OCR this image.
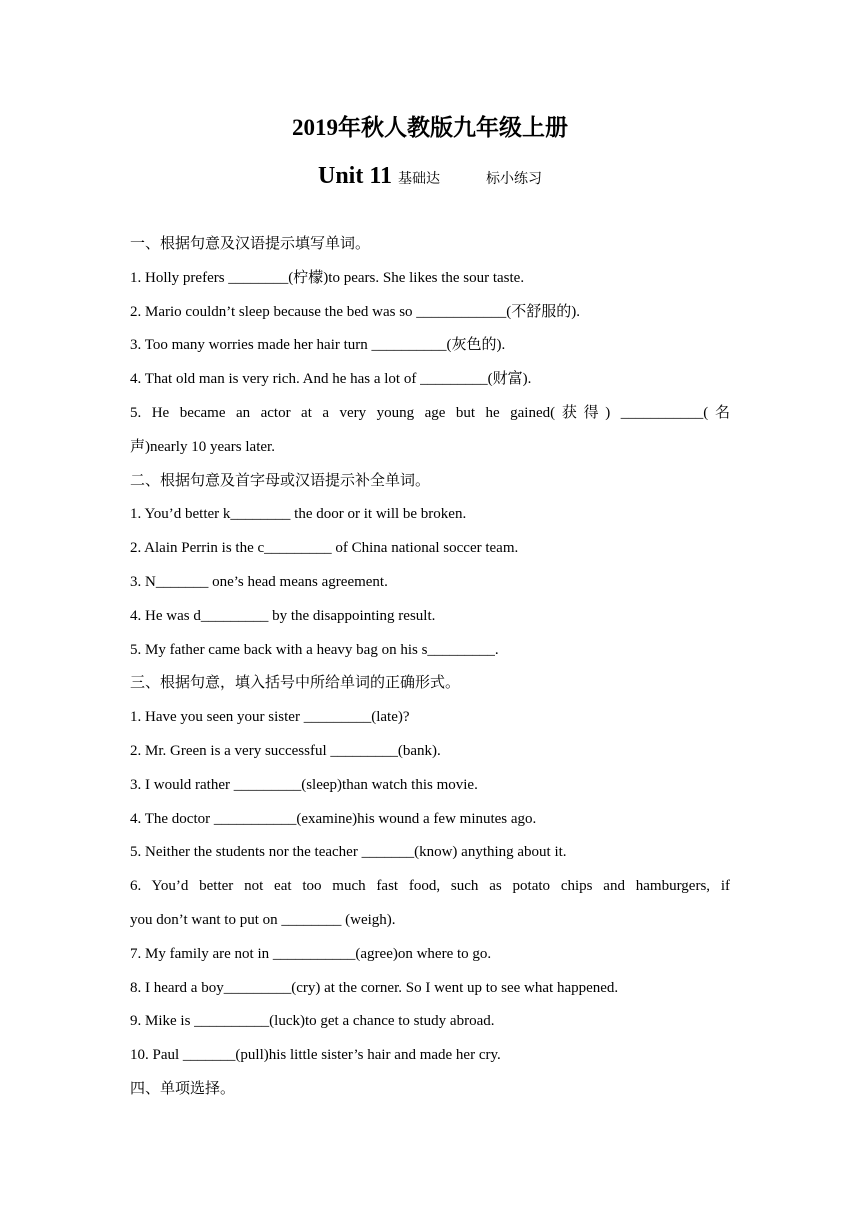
2019年秋人教版九年级上册
Unit 11 基础达	标小练习
一、根据句意及汉语提示填写单词。
1. Holly prefers ________(柠檬)to pears. She likes the sour taste.
2. Mario couldn’t sleep because the bed was so ____________(不舒服的).
3. Too many worries made her hair turn __________(灰色的).
4. That old man is very rich. And he has a lot of _________(财富).
5. He became an actor at a very young age but he gained(获得) ___________(名
声)nearly 10 years later.
二、根据句意及首字母或汉语提示补全单词。
1. You’d better k________ the door or it will be broken.
2. Alain Perrin is the c_________ of China national soccer team.
3. N_______ one’s head means agreement.
4. He was d_________ by the disappointing result.
5. My father came back with a heavy bag on his s_________.
三、根据句意，填入括号中所给单词的正确形式。
1. Have you seen your sister _________(late)?
2. Mr. Green is a very successful _________(bank).
3. I would rather _________(sleep)than watch this movie.
4. The doctor ___________(examine)his wound a few minutes ago.
5. Neither the students nor the teacher _______(know) anything about it.
6. You’d better not eat too much fast food, such as potato chips and hamburgers, if
you don’t want to put on ________ (weigh).
7. My family are not in ___________(agree)on where to go.
8. I heard a boy_________(cry) at the corner. So I went up to see what happened.
9. Mike is __________(luck)to get a chance to study abroad.
10. Paul _______(pull)his little sister’s hair and made her cry.
四、单项选择。
